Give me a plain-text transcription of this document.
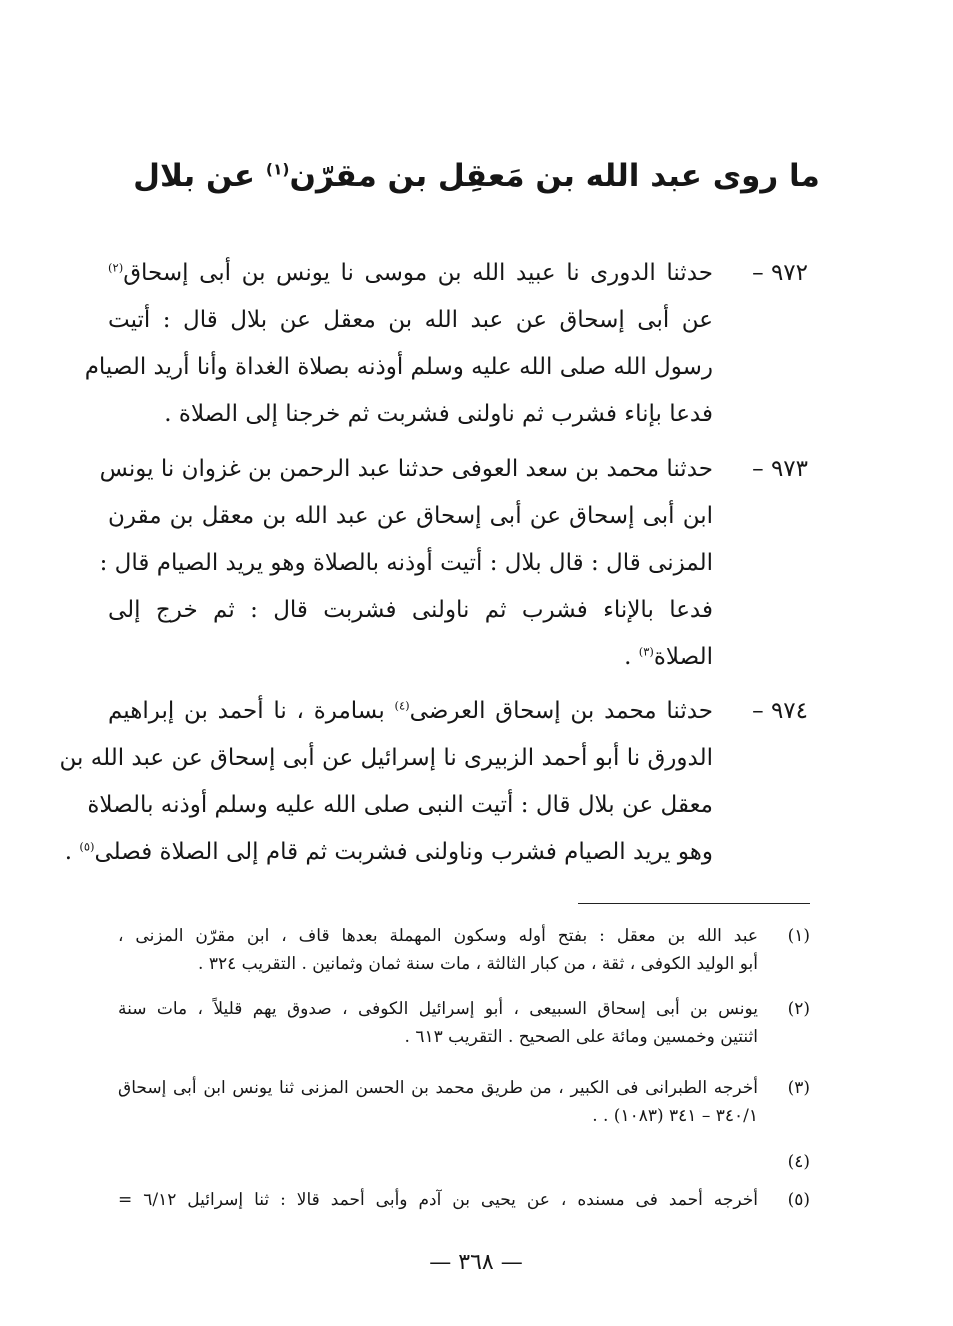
ما روى عبد الله بن مَعقِل بن مقرّن$^{(١)}$ عن بلال
٩٧٢ –
حدثنا الدورى نا عبيد الله بن موسى نا يونس بن أبى إسحاق$^{(٢)}$
عن أبى إسحاق عن عبد الله بن معقل عن بلال قال : أتيت
رسول الله صلى الله عليه وسلم أوذنه بصلاة الغداة وأنا أريد الصيام
فدعا بإناء فشرب ثم ناولنى فشربت ثم خرجنا إلى الصلاة .
٩٧٣ –
حدثنا محمد بن سعد العوفى حدثنا عبد الرحمن بن غزوان نا يونس
ابن أبى إسحاق عن أبى إسحاق عن عبد الله بن معقل بن مقرن
المزنى قال : قال بلال : أتيت أوذنه بالصلاة وهو يريد الصيام قال :
فدعا بالإناء فشرب ثم ناولنى فشربت قال : ثم خرج إلى
الصلاة$^{(٣)}$ .
٩٧٤ –
حدثنا محمد بن إسحاق العرضى$^{(٤)}$ بسامرة ، نا أحمد بن إبراهيم
الدورق نا أبو أحمد الزبيرى نا إسرائيل عن أبى إسحاق عن عبد الله بن
معقل عن بلال قال : أتيت النبى صلى الله عليه وسلم أوذنه بالصلاة
وهو يريد الصيام فشرب وناولنى فشربت ثم قام إلى الصلاة فصلى$^{(٥)}$ .
(١)
عبد الله بن معقل : بفتح أوله وسكون المهملة بعدها قاف ، ابن مقرّن المزنى ،
أبو الوليد الكوفى ، ثقة ، من كبار الثالثة ، مات سنة ثمان وثمانين . التقريب ٣٢٤ .
(٢)
يونس بن أبى إسحاق السبيعى ، أبو إسرائيل الكوفى ، صدوق يهم قليلاً ، مات سنة
اثنتين وخمسين ومائة على الصحيح . التقريب ٦١٣ .
(٣)
أخرجه الطبرانى فى الكبير ، من طريق محمد بن الحسن المزنى ثنا يونس ابن أبى إسحاق
٣٤٠/١ – ٣٤١ (١٠٨٣) . .
(٤)
(٥)
أخرجه أحمد فى مسنده ، عن يحيى بن آدم وأبى أحمد قالا : ثنا إسرائيل ٦/١٢ =
— ٣٦٨ —
